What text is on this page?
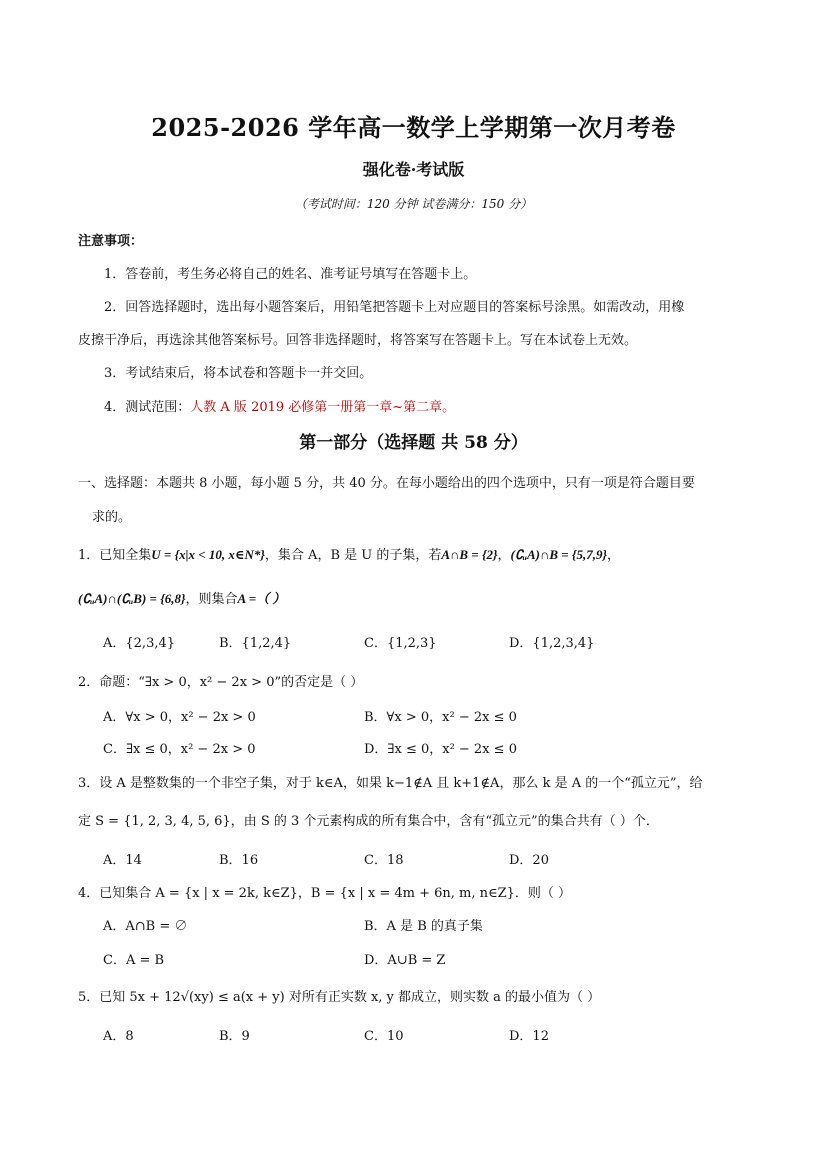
2025-2026 学年高一数学上学期第一次月考卷
强化卷·考试版
（考试时间：120 分钟 试卷满分：150 分）
注意事项：
1．答卷前，考生务必将自己的姓名、准考证号填写在答题卡上。
2．回答选择题时，选出每小题答案后，用铅笔把答题卡上对应题目的答案标号涂黑。如需改动，用橡
皮擦干净后，再选涂其他答案标号。回答非选择题时，将答案写在答题卡上。写在本试卷上无效。
3．考试结束后，将本试卷和答题卡一并交回。
4．测试范围：人教 A 版 2019 必修第一册第一章~第二章。
第一部分（选择题 共 58 分）
一、选择题：本题共 8 小题，每小题 5 分，共 40 分。在每小题给出的四个选项中，只有一项是符合题目要
求的。
1．已知全集U = {x|x < 10, x∈N*}，集合 A，B 是 U 的子集，若A∩B = {2}，(∁ᵤA)∩B = {5,7,9}，
(∁ᵤA)∩(∁ᵤB) = {6,8}，则集合A =（ ）
A．{2,3,4}	B．{1,2,4}	C．{1,2,3}	D．{1,2,3,4}
2．命题：“∃x > 0，x² − 2x > 0”的否定是（ ）
A．∀x > 0，x² − 2x > 0	B．∀x > 0，x² − 2x ≤ 0
C．∃x ≤ 0，x² − 2x > 0	D．∃x ≤ 0，x² − 2x ≤ 0
3．设 A 是整数集的一个非空子集，对于 k∈A，如果 k−1∉A 且 k+1∉A，那么 k 是 A 的一个“孤立元”，给
定 S = {1, 2, 3, 4, 5, 6}，由 S 的 3 个元素构成的所有集合中，含有“孤立元”的集合共有（ ）个．
A．14	B．16	C．18	D．20
4．已知集合 A = {x | x = 2k, k∈Z}，B = {x | x = 4m + 6n, m, n∈Z}．则（ ）
A．A∩B = ∅	B．A 是 B 的真子集
C．A = B	D．A∪B = Z
5．已知 5x + 12√(xy) ≤ a(x + y) 对所有正实数 x, y 都成立，则实数 a 的最小值为（ ）
A．8	B．9	C．10	D．12
